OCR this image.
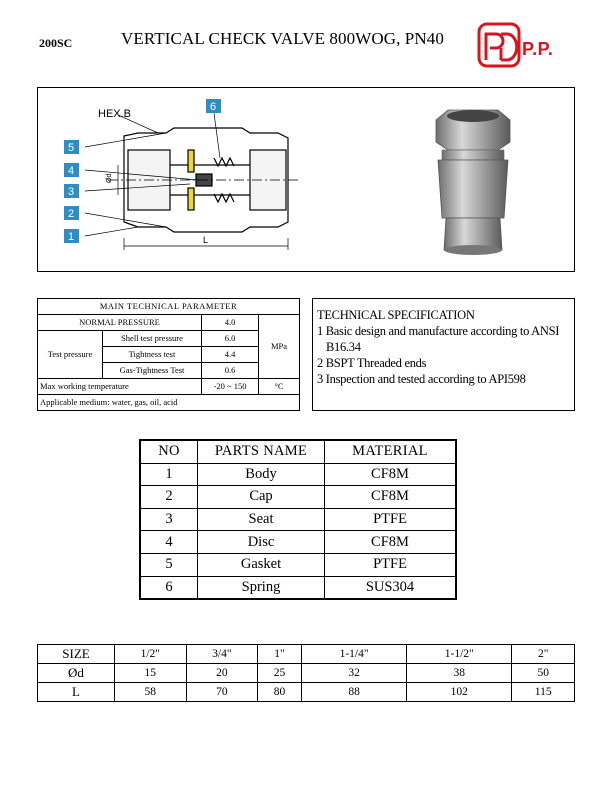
200SC	VERTICAL CHECK VALVE 800WOG, PN40
P.P.
HEX.B
Ød
L
6
5
4
3
2
1
MAIN TECHNICAL PARAMETER			
NORMAL PRESSURE		4.0	MPa
Test pressure	Shell test pressure	6.0	
	Tightness test	4.4	
	Gas-Tightness Test	0.6	
Max working temperature		-20 ~ 150	°C
Applicable medium: water, gas, oil, acid			
TECHNICAL SPECIFICATION
1 Basic design and manufacture according to ANSI
B16.34
2 BSPT Threaded ends
3 Inspection and tested according to API598
NO	PARTS NAME	MATERIAL
1	Body	CF8M
2	Cap	CF8M
3	Seat	PTFE
4	Disc	CF8M
5	Gasket	PTFE
6	Spring	SUS304
SIZE	1/2"	3/4"	1"	1-1/4"	1-1/2"	2"
Ød	15	20	25	32	38	50
L	58	70	80	88	102	115
